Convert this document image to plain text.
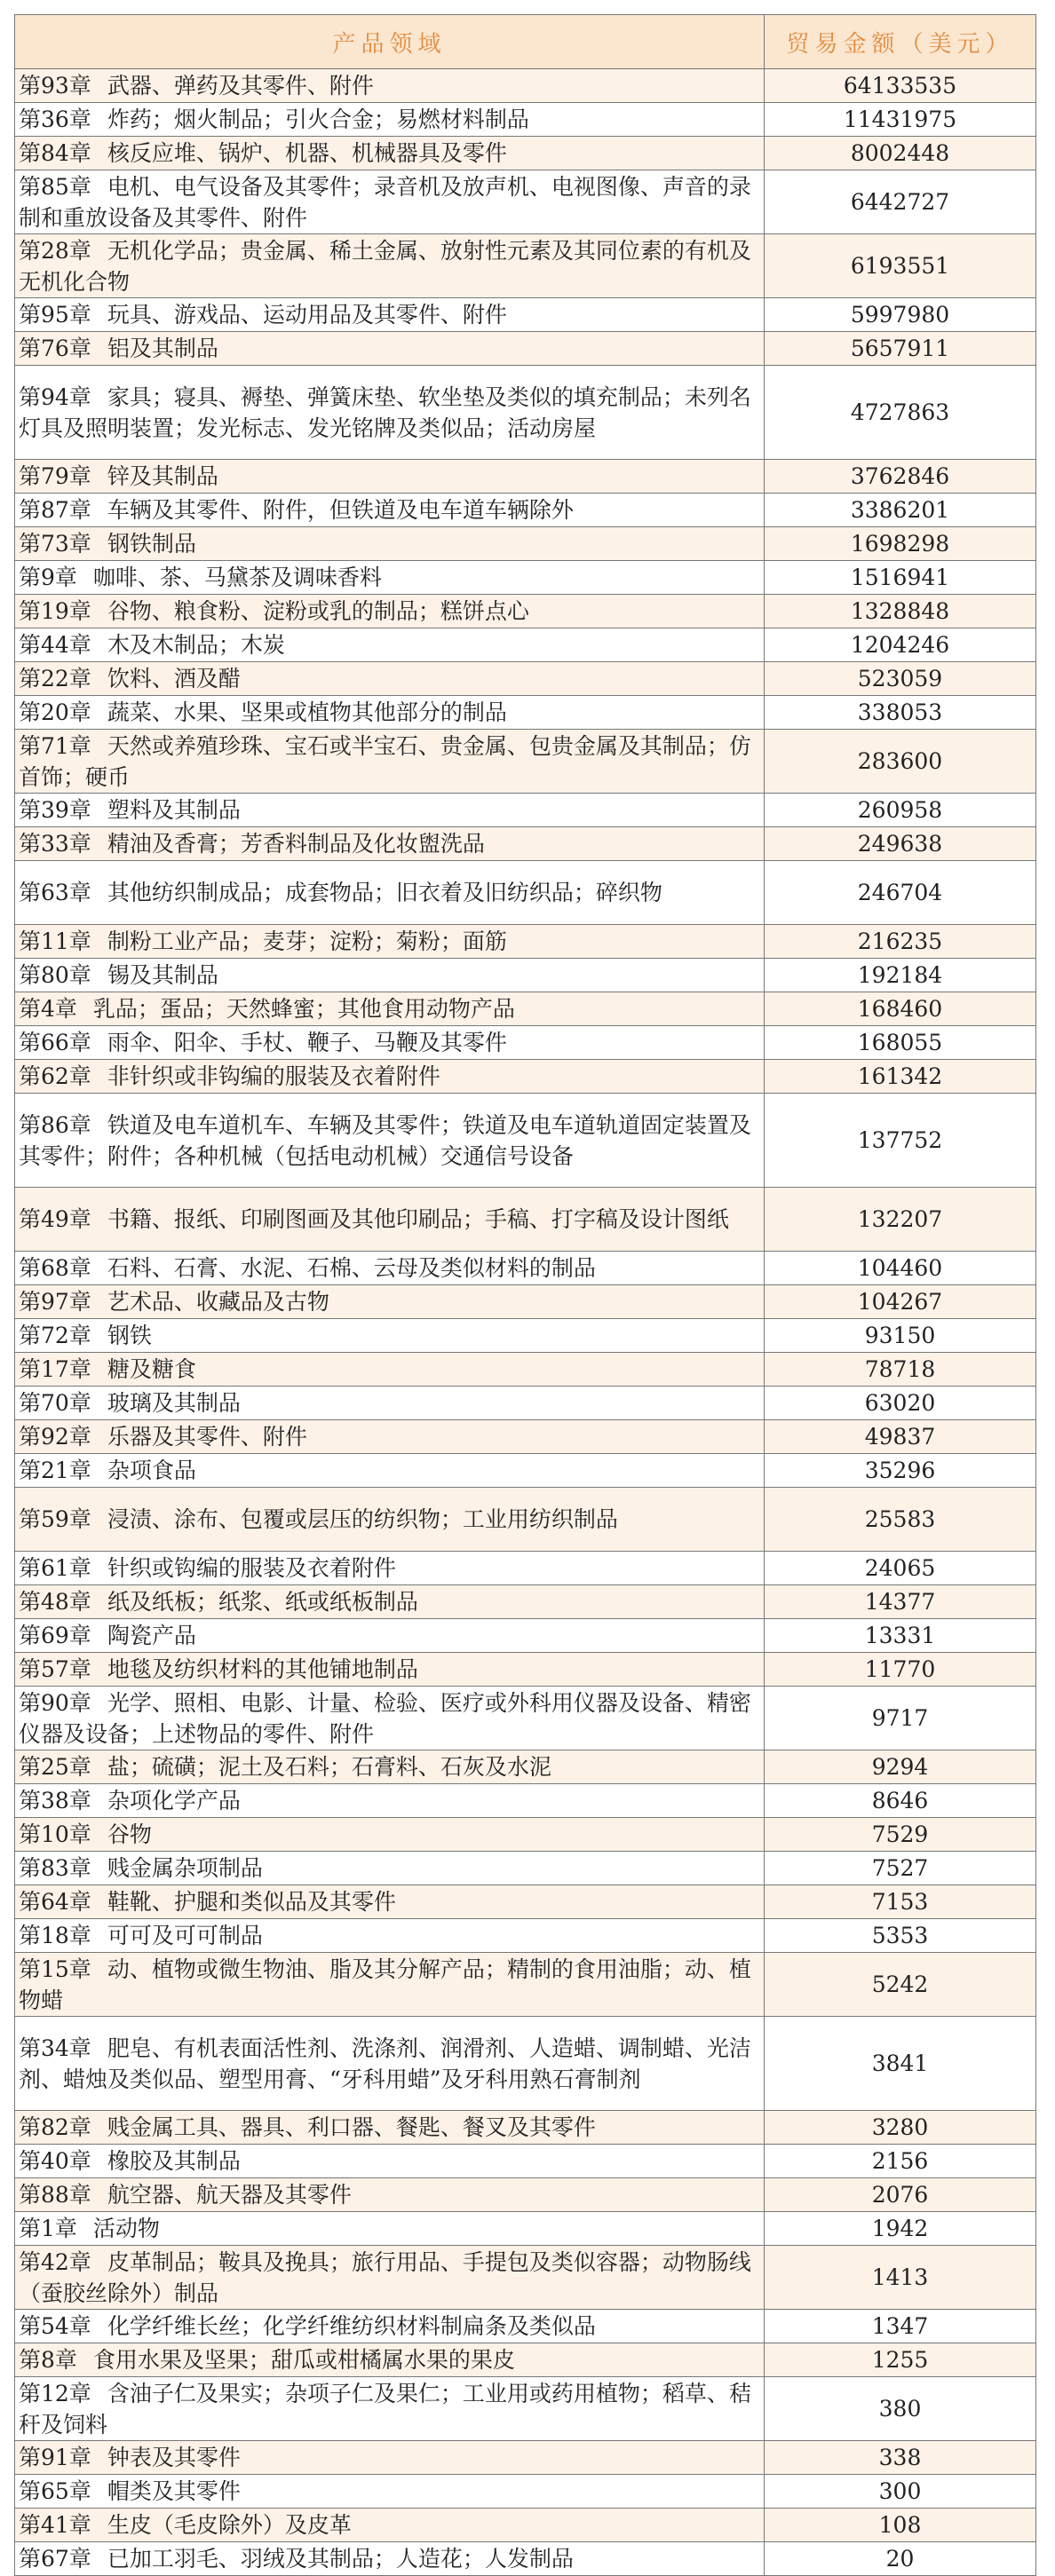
产品领域	贸易金额（美元）
第93章 武器、弹药及其零件、附件	64133535
第36章 炸药；烟火制品；引火合金；易燃材料制品	11431975
第84章 核反应堆、锅炉、机器、机械器具及零件	8002448
第85章 电机、电气设备及其零件；录音机及放声机、电视图像、声音的录制和重放设备及其零件、附件	6442727
第28章 无机化学品；贵金属、稀土金属、放射性元素及其同位素的有机及无机化合物	6193551
第95章 玩具、游戏品、运动用品及其零件、附件	5997980
第76章 铝及其制品	5657911
第94章 家具；寝具、褥垫、弹簧床垫、软坐垫及类似的填充制品；未列名灯具及照明装置；发光标志、发光铭牌及类似品；活动房屋	4727863
第79章 锌及其制品	3762846
第87章 车辆及其零件、附件，但铁道及电车道车辆除外	3386201
第73章 钢铁制品	1698298
第9章 咖啡、茶、马黛茶及调味香料	1516941
第19章 谷物、粮食粉、淀粉或乳的制品；糕饼点心	1328848
第44章 木及木制品；木炭	1204246
第22章 饮料、酒及醋	523059
第20章 蔬菜、水果、坚果或植物其他部分的制品	338053
第71章 天然或养殖珍珠、宝石或半宝石、贵金属、包贵金属及其制品；仿首饰；硬币	283600
第39章 塑料及其制品	260958
第33章 精油及香膏；芳香料制品及化妆盥洗品	249638
第63章 其他纺织制成品；成套物品；旧衣着及旧纺织品；碎织物	246704
第11章 制粉工业产品；麦芽；淀粉；菊粉；面筋	216235
第80章 锡及其制品	192184
第4章 乳品；蛋品；天然蜂蜜；其他食用动物产品	168460
第66章 雨伞、阳伞、手杖、鞭子、马鞭及其零件	168055
第62章 非针织或非钩编的服装及衣着附件	161342
第86章 铁道及电车道机车、车辆及其零件；铁道及电车道轨道固定装置及其零件；附件；各种机械（包括电动机械）交通信号设备	137752
第49章 书籍、报纸、印刷图画及其他印刷品；手稿、打字稿及设计图纸	132207
第68章 石料、石膏、水泥、石棉、云母及类似材料的制品	104460
第97章 艺术品、收藏品及古物	104267
第72章 钢铁	93150
第17章 糖及糖食	78718
第70章 玻璃及其制品	63020
第92章 乐器及其零件、附件	49837
第21章 杂项食品	35296
第59章 浸渍、涂布、包覆或层压的纺织物；工业用纺织制品	25583
第61章 针织或钩编的服装及衣着附件	24065
第48章 纸及纸板；纸浆、纸或纸板制品	14377
第69章 陶瓷产品	13331
第57章 地毯及纺织材料的其他铺地制品	11770
第90章 光学、照相、电影、计量、检验、医疗或外科用仪器及设备、精密仪器及设备；上述物品的零件、附件	9717
第25章 盐；硫磺；泥土及石料；石膏料、石灰及水泥	9294
第38章 杂项化学产品	8646
第10章 谷物	7529
第83章 贱金属杂项制品	7527
第64章 鞋靴、护腿和类似品及其零件	7153
第18章 可可及可可制品	5353
第15章 动、植物或微生物油、脂及其分解产品；精制的食用油脂；动、植物蜡	5242
第34章 肥皂、有机表面活性剂、洗涤剂、润滑剂、人造蜡、调制蜡、光洁剂、蜡烛及类似品、塑型用膏、“牙科用蜡”及牙科用熟石膏制剂	3841
第82章 贱金属工具、器具、利口器、餐匙、餐叉及其零件	3280
第40章 橡胶及其制品	2156
第88章 航空器、航天器及其零件	2076
第1章 活动物	1942
第42章 皮革制品；鞍具及挽具；旅行用品、手提包及类似容器；动物肠线（蚕胶丝除外）制品	1413
第54章 化学纤维长丝；化学纤维纺织材料制扁条及类似品	1347
第8章 食用水果及坚果；甜瓜或柑橘属水果的果皮	1255
第12章 含油子仁及果实；杂项子仁及果仁；工业用或药用植物；稻草、秸秆及饲料	380
第91章 钟表及其零件	338
第65章 帽类及其零件	300
第41章 生皮（毛皮除外）及皮革	108
第67章 已加工羽毛、羽绒及其制品；人造花；人发制品	20
